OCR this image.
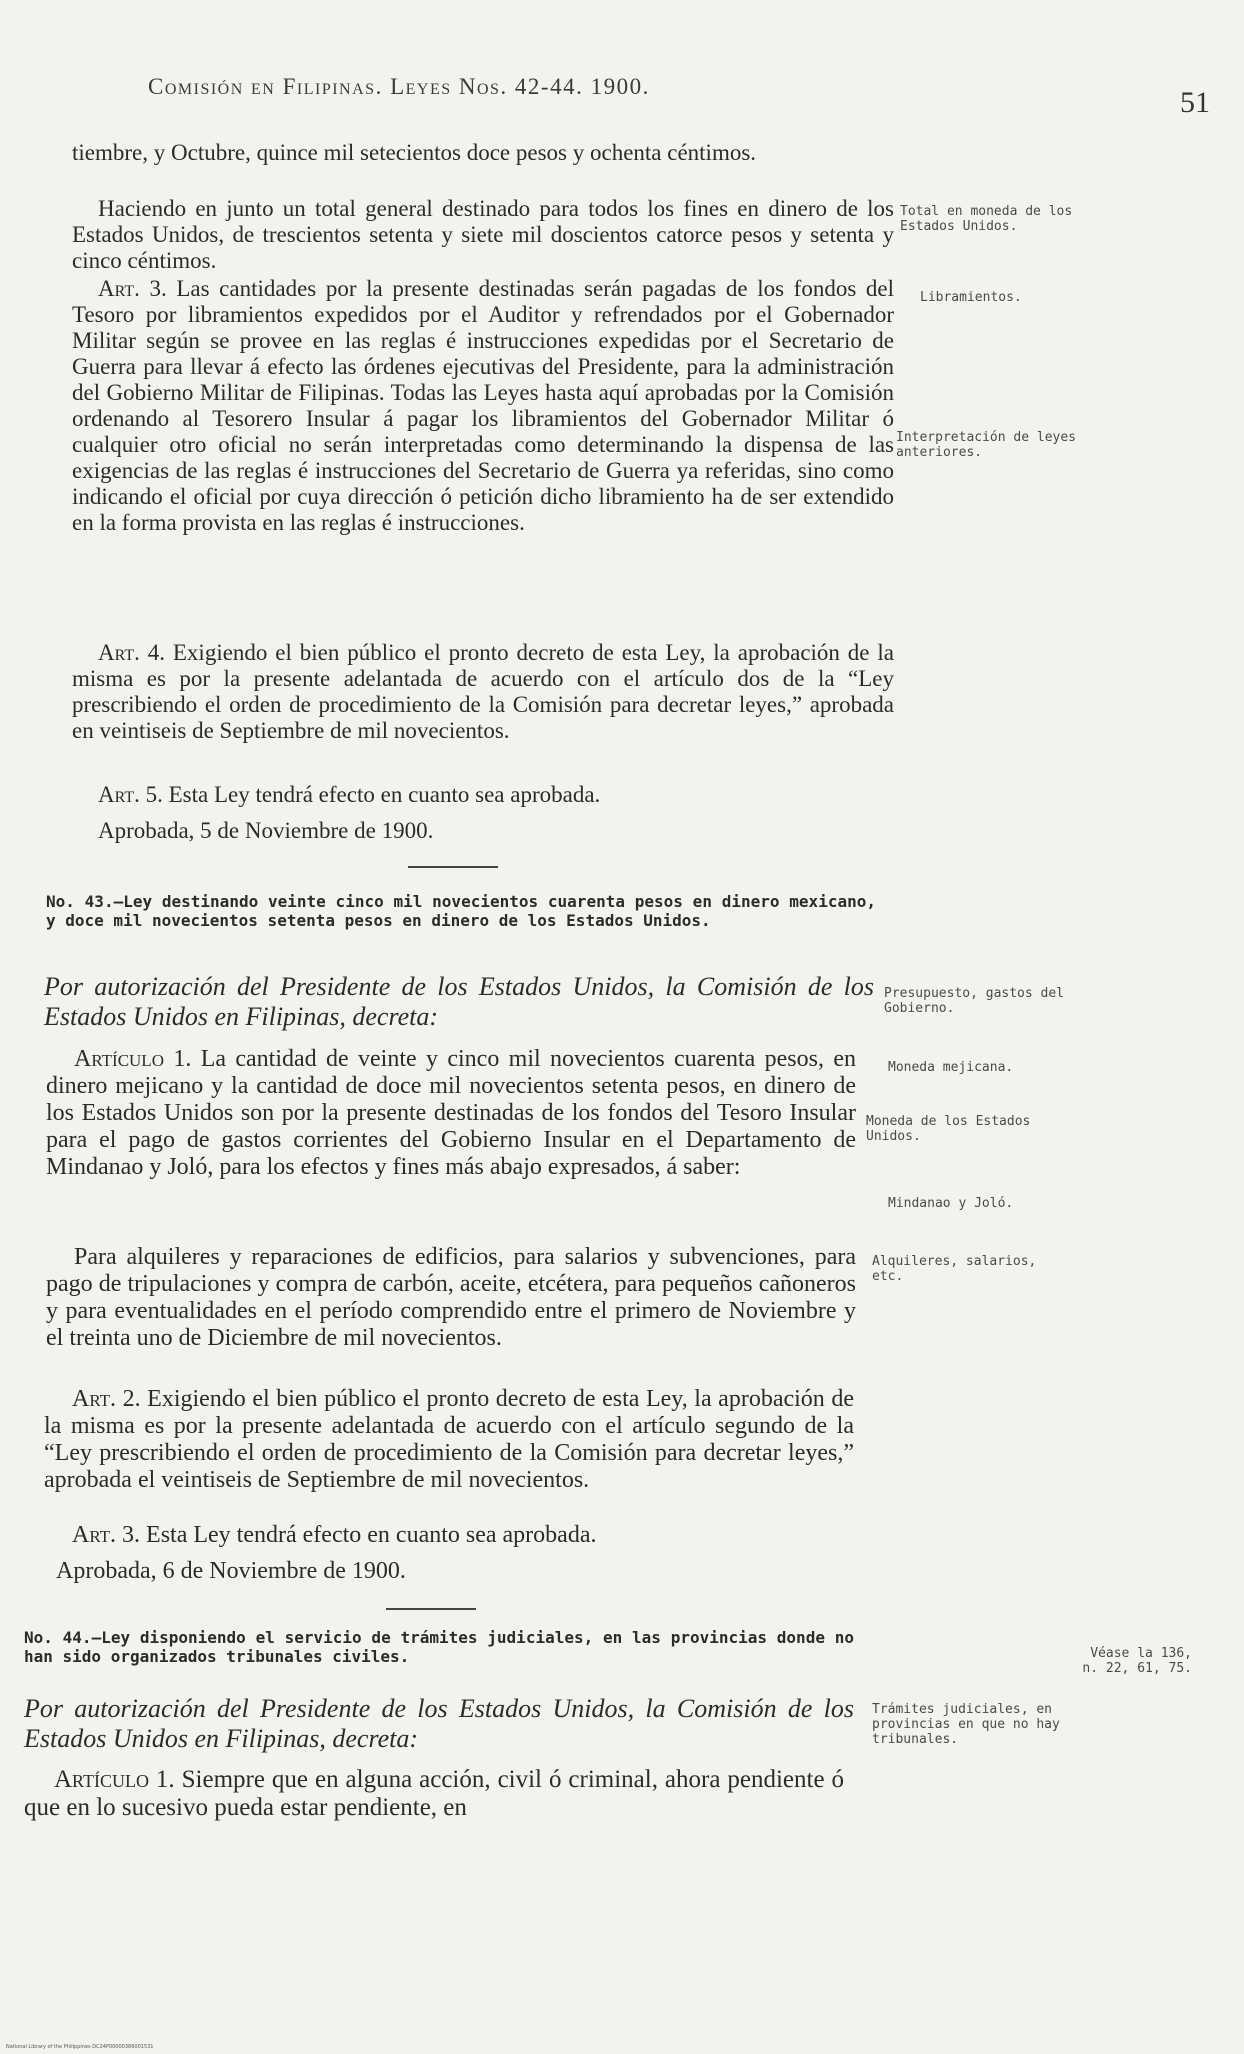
Comisión en Filipinas. Leyes Nos. 42-44. 1900.	51
tiembre, y Octubre, quince mil setecientos doce pesos y ochenta céntimos.
Haciendo en junto un total general destinado para todos los fines en dinero de los Estados Unidos, de trescientos setenta y siete mil doscientos catorce pesos y setenta y cinco céntimos.
Art. 3. Las cantidades por la presente destinadas serán pagadas de los fondos del Tesoro por libramientos expedidos por el Auditor y refrendados por el Gobernador Militar según se provee en las reglas é instrucciones expedidas por el Secretario de Guerra para llevar á efecto las órdenes ejecutivas del Presidente, para la administración del Gobierno Militar de Filipinas. Todas las Leyes hasta aquí aprobadas por la Comisión ordenando al Tesorero Insular á pagar los libramientos del Gobernador Militar ó cualquier otro oficial no serán interpretadas como determinando la dispensa de las exigencias de las reglas é instrucciones del Secretario de Guerra ya referidas, sino como indicando el oficial por cuya dirección ó petición dicho libramiento ha de ser extendido en la forma provista en las reglas é instrucciones.
Art. 4. Exigiendo el bien público el pronto decreto de esta Ley, la aprobación de la misma es por la presente adelantada de acuerdo con el artículo dos de la “Ley prescribiendo el orden de procedimiento de la Comisión para decretar leyes,” aprobada en veintiseis de Septiembre de mil novecientos.
Art. 5. Esta Ley tendrá efecto en cuanto sea aprobada.
Aprobada, 5 de Noviembre de 1900.
No. 43.—Ley destinando veinte cinco mil novecientos cuarenta pesos en dinero mexicano, y doce mil novecientos setenta pesos en dinero de los Estados Unidos.
Por autorización del Presidente de los Estados Unidos, la Comisión de los Estados Unidos en Filipinas, decreta:
Artículo 1. La cantidad de veinte y cinco mil novecientos cuarenta pesos, en dinero mejicano y la cantidad de doce mil novecientos setenta pesos, en dinero de los Estados Unidos son por la presente destinadas de los fondos del Tesoro Insular para el pago de gastos corrientes del Gobierno Insular en el Departamento de Mindanao y Joló, para los efectos y fines más abajo expresados, á saber:
Para alquileres y reparaciones de edificios, para salarios y subvenciones, para pago de tripulaciones y compra de carbón, aceite, etcétera, para pequeños cañoneros y para eventualidades en el período comprendido entre el primero de Noviembre y el treinta uno de Diciembre de mil novecientos.
Art. 2. Exigiendo el bien público el pronto decreto de esta Ley, la aprobación de la misma es por la presente adelantada de acuerdo con el artículo segundo de la “Ley prescribiendo el orden de procedimiento de la Comisión para decretar leyes,” aprobada el veintiseis de Septiembre de mil novecientos.
Art. 3. Esta Ley tendrá efecto en cuanto sea aprobada.
Aprobada, 6 de Noviembre de 1900.
No. 44.—Ley disponiendo el servicio de trámites judiciales, en las provincias donde no han sido organizados tribunales civiles.
Por autorización del Presidente de los Estados Unidos, la Comisión de los Estados Unidos en Filipinas, decreta:
Artículo 1. Siempre que en alguna acción, civil ó criminal, ahora pendiente ó que en lo sucesivo pueda estar pendiente, en
Total en moneda de los Estados Unidos.
Libramientos.
Interpretación de leyes anteriores.
Presupuesto, gastos del Gobierno.
Moneda mejicana.
Moneda de los Estados Unidos.
Mindanao y Joló.
Alquileres, salarios, etc.
Véase la 136, n. 22, 61, 75.
Trámites judiciales, en provincias en que no hay tribunales.
National Library of the Philippines DC24P00000386001531
